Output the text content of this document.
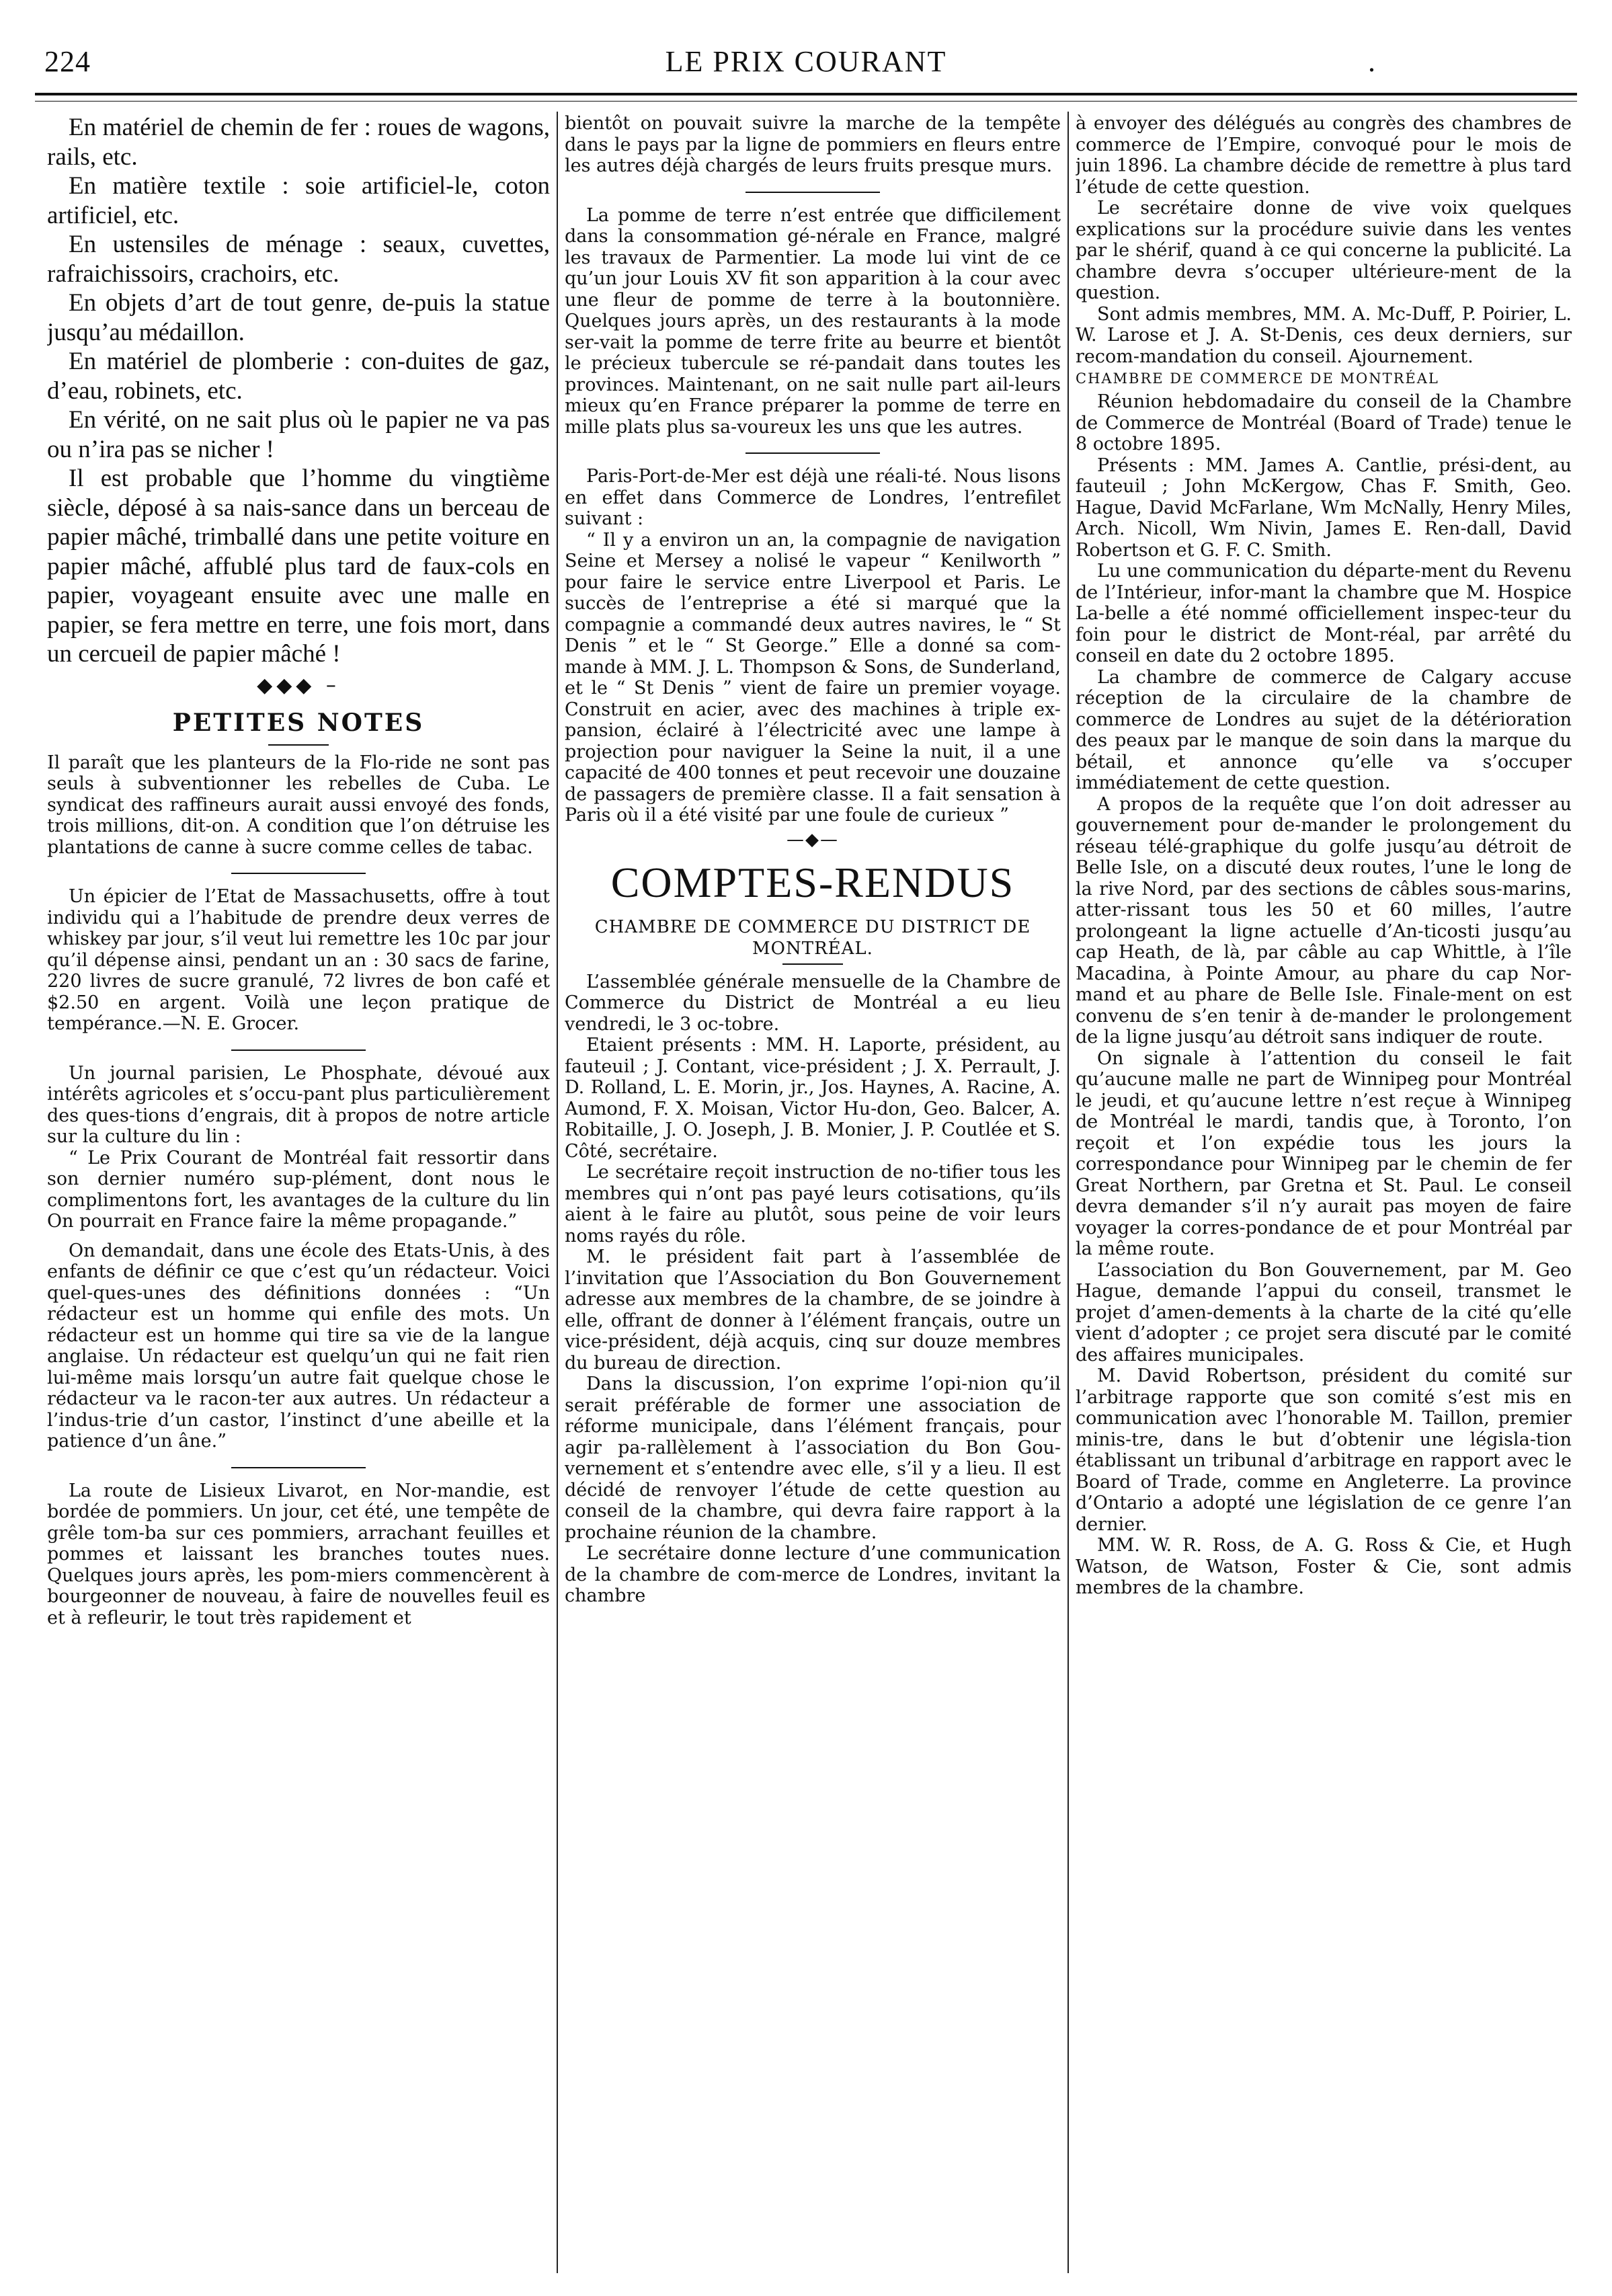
224	LE PRIX COURANT	.

En matériel de chemin de fer : roues de wagons, rails, etc.

En matière textile : soie artificiel-le, coton artificiel, etc.

En ustensiles de ménage : seaux, cuvettes, rafraichissoirs, crachoirs, etc.

En objets d’art de tout genre, de-puis la statue jusqu’au médaillon.

En matériel de plomberie : con-duites de gaz, d’eau, robinets, etc.

En vérité, on ne sait plus où le papier ne va pas ou n’ira pas se nicher !

Il est probable que l’homme du vingtième siècle, déposé à sa nais-sance dans un berceau de papier mâché, trimballé dans une petite voiture en papier mâché, affublé plus tard de faux-cols en papier, voyageant ensuite avec une malle en papier, se fera mettre en terre, une fois mort, dans un cercueil de papier mâché !

◆◆◆ –
PETITES NOTES

Il paraît que les planteurs de la Flo-ride ne sont pas seuls à subventionner les rebelles de Cuba. Le syndicat des raffineurs aurait aussi envoyé des fonds, trois millions, dit-on. A condition que l’on détruise les plantations de canne à sucre comme celles de tabac.

Un épicier de l’Etat de Massachusetts, offre à tout individu qui a l’habitude de prendre deux verres de whiskey par jour, s’il veut lui remettre les 10c par jour qu’il dépense ainsi, pendant un an : 30 sacs de farine, 220 livres de sucre granulé, 72 livres de bon café et $2.50 en argent. Voilà une leçon pratique de tempérance.—N. E. Grocer.

Un journal parisien, Le Phosphate, dévoué aux intérêts agricoles et s’occu-pant plus particulièrement des ques-tions d’engrais, dit à propos de notre article sur la culture du lin :

“ Le Prix Courant de Montréal fait ressortir dans son dernier numéro sup-plément, dont nous le complimentons fort, les avantages de la culture du lin On pourrait en France faire la même propagande.”

On demandait, dans une école des Etats-Unis, à des enfants de définir ce que c’est qu’un rédacteur. Voici quel-ques-unes des définitions données : “Un rédacteur est un homme qui enfile des mots. Un rédacteur est un homme qui tire sa vie de la langue anglaise. Un rédacteur est quelqu’un qui ne fait rien lui-même mais lorsqu’un autre fait quelque chose le rédacteur va le racon-ter aux autres. Un rédacteur a l’indus-trie d’un castor, l’instinct d’une abeille et la patience d’un âne.”

La route de Lisieux Livarot, en Nor-mandie, est bordée de pommiers. Un jour, cet été, une tempête de grêle tom-ba sur ces pommiers, arrachant feuilles et pommes et laissant les branches toutes nues. Quelques jours après, les pom-miers commencèrent à bourgeonner de nouveau, à faire de nouvelles feuil es et à refleurir, le tout très rapidement et

bientôt on pouvait suivre la marche de la tempête dans le pays par la ligne de pommiers en fleurs entre les autres déjà chargés de leurs fruits presque murs.

La pomme de terre n’est entrée que difficilement dans la consommation gé-nérale en France, malgré les travaux de Parmentier. La mode lui vint de ce qu’un jour Louis XV fit son apparition à la cour avec une fleur de pomme de terre à la boutonnière. Quelques jours après, un des restaurants à la mode ser-vait la pomme de terre frite au beurre et bientôt le précieux tubercule se ré-pandait dans toutes les provinces. Maintenant, on ne sait nulle part ail-leurs mieux qu’en France préparer la pomme de terre en mille plats plus sa-voureux les uns que les autres.

Paris-Port-de-Mer est déjà une réali-té. Nous lisons en effet dans Commerce de Londres, l’entrefilet suivant :

“ Il y a environ un an, la compagnie de navigation Seine et Mersey a nolisé le vapeur “ Kenilworth ” pour faire le service entre Liverpool et Paris. Le succès de l’entreprise a été si marqué que la compagnie a commandé deux autres navires, le “ St Denis ” et le “ St George.” Elle a donné sa com-mande à MM. J. L. Thompson & Sons, de Sunderland, et le “ St Denis ” vient de faire un premier voyage. Construit en acier, avec des machines à triple ex-pansion, éclairé à l’électricité avec une lampe à projection pour naviguer la Seine la nuit, il a une capacité de 400 tonnes et peut recevoir une douzaine de passagers de première classe. Il a fait sensation à Paris où il a été visité par une foule de curieux ”

—◆—
COMPTES-RENDUS
CHAMBRE DE COMMERCE DU DISTRICT DE MONTRÉAL.

L’assemblée générale mensuelle de la Chambre de Commerce du District de Montréal a eu lieu vendredi, le 3 oc-tobre.

Etaient présents : MM. H. Laporte, président, au fauteuil ; J. Contant, vice-président ; J. X. Perrault, J. D. Rolland, L. E. Morin, jr., Jos. Haynes, A. Racine, A. Aumond, F. X. Moisan, Victor Hu-don, Geo. Balcer, A. Robitaille, J. O. Joseph, J. B. Monier, J. P. Coutlée et S. Côté, secrétaire.

Le secrétaire reçoit instruction de no-tifier tous les membres qui n’ont pas payé leurs cotisations, qu’ils aient à le faire au plutôt, sous peine de voir leurs noms rayés du rôle.

M. le président fait part à l’assemblée de l’invitation que l’Association du Bon Gouvernement adresse aux membres de la chambre, de se joindre à elle, offrant de donner à l’élément français, outre un vice-président, déjà acquis, cinq sur douze membres du bureau de direction.

Dans la discussion, l’on exprime l’opi-nion qu’il serait préférable de former une association de réforme municipale, dans l’élément français, pour agir pa-rallèlement à l’association du Bon Gou-vernement et s’entendre avec elle, s’il y a lieu. Il est décidé de renvoyer l’étude de cette question au conseil de la chambre, qui devra faire rapport à la prochaine réunion de la chambre.

Le secrétaire donne lecture d’une communication de la chambre de com-merce de Londres, invitant la chambre

à envoyer des délégués au congrès des chambres de commerce de l’Empire, convoqué pour le mois de juin 1896. La chambre décide de remettre à plus tard l’étude de cette question.

Le secrétaire donne de vive voix quelques explications sur la procédure suivie dans les ventes par le shérif, quand à ce qui concerne la publicité. La chambre devra s’occuper ultérieure-ment de la question.

Sont admis membres, MM. A. Mc-Duff, P. Poirier, L. W. Larose et J. A. St-Denis, ces deux derniers, sur recom-mandation du conseil. Ajournement.

CHAMBRE DE COMMERCE DE MONTRÉAL

Réunion hebdomadaire du conseil de la Chambre de Commerce de Montréal (Board of Trade) tenue le 8 octobre 1895.

Présents : MM. James A. Cantlie, prési-dent, au fauteuil ; John McKergow, Chas F. Smith, Geo. Hague, David McFarlane, Wm McNally, Henry Miles, Arch. Nicoll, Wm Nivin, James E. Ren-dall, David Robertson et G. F. C. Smith.

Lu une communication du départe-ment du Revenu de l’Intérieur, infor-mant la chambre que M. Hospice La-belle a été nommé officiellement inspec-teur du foin pour le district de Mont-réal, par arrêté du conseil en date du 2 octobre 1895.

La chambre de commerce de Calgary accuse réception de la circulaire de la chambre de commerce de Londres au sujet de la détérioration des peaux par le manque de soin dans la marque du bétail, et annonce qu’elle va s’occuper immédiatement de cette question.

A propos de la requête que l’on doit adresser au gouvernement pour de-mander le prolongement du réseau télé-graphique du golfe jusqu’au détroit de Belle Isle, on a discuté deux routes, l’une le long de la rive Nord, par des sections de câbles sous-marins, atter-rissant tous les 50 et 60 milles, l’autre prolongeant la ligne actuelle d’An-ticosti jusqu’au cap Heath, de là, par câble au cap Whittle, à l’île Macadina, à Pointe Amour, au phare du cap Nor-mand et au phare de Belle Isle. Finale-ment on est convenu de s’en tenir à de-mander le prolongement de la ligne jusqu’au détroit sans indiquer de route.

On signale à l’attention du conseil le fait qu’aucune malle ne part de Winnipeg pour Montréal le jeudi, et qu’aucune lettre n’est reçue à Winnipeg de Montréal le mardi, tandis que, à Toronto, l’on reçoit et l’on expédie tous les jours la correspondance pour Winnipeg par le chemin de fer Great Northern, par Gretna et St. Paul. Le conseil devra demander s’il n’y aurait pas moyen de faire voyager la corres-pondance de et pour Montréal par la même route.

L’association du Bon Gouvernement, par M. Geo Hague, demande l’appui du conseil, transmet le projet d’amen-dements à la charte de la cité qu’elle vient d’adopter ; ce projet sera discuté par le comité des affaires municipales.

M. David Robertson, président du comité sur l’arbitrage rapporte que son comité s’est mis en communication avec l’honorable M. Taillon, premier minis-tre, dans le but d’obtenir une législa-tion établissant un tribunal d’arbitrage en rapport avec le Board of Trade, comme en Angleterre. La province d’Ontario a adopté une législation de ce genre l’an dernier.

MM. W. R. Ross, de A. G. Ross & Cie, et Hugh Watson, de Watson, Foster & Cie, sont admis membres de la chambre.
